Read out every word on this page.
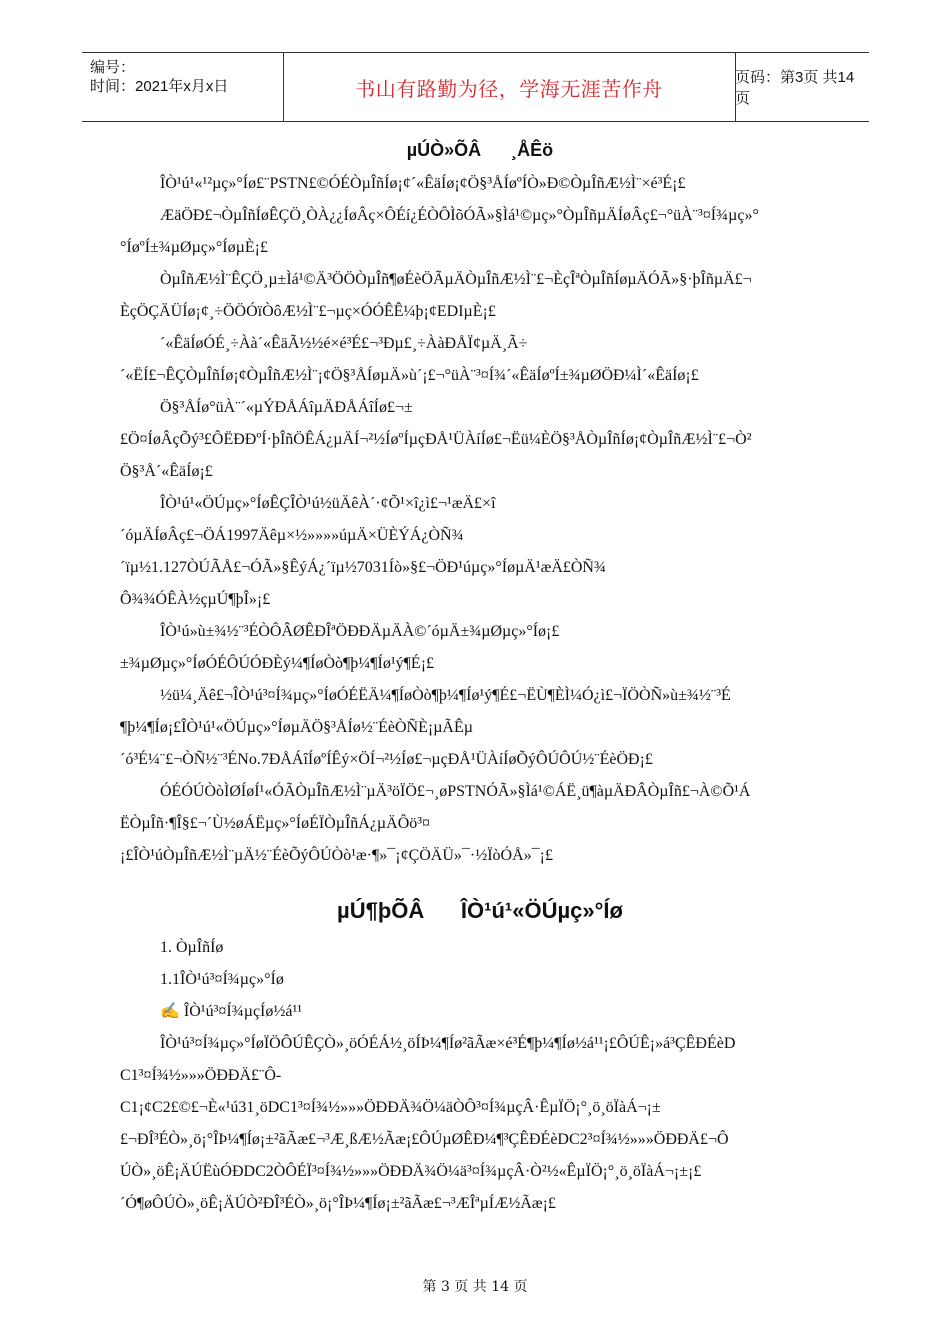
编号：
时间：2021年x月x日	书山有路勤为径，学海无涯苦作舟	页码：第3页 共14页
µÚÒ»ÕÂ      ¸ÅÊö
ÎÒ¹ú¹«¹²µç»°Íø£¨PSTN£©ÓÉÒµÎñÍø¡¢´«ÊäÍø¡¢Ö§³ÅÍøºÍÒ»Ð©ÒµÎñÆ½Ì¨×é³É¡£
ÆäÖÐ£¬ÒµÎñÍøÊÇÖ¸ÒÀ¿¿ÍøÂç×ÔÉí¿ÉÒÔÌõÓÃ»§Ìá¹©µç»°ÒµÎñµÄÍøÂç£¬°üÀ¨³¤Í¾µç»°
°ÍøºÍ±¾µØµç»°ÍøµÈ¡£
ÒµÎñÆ½Ì¨ÊÇÖ¸µ±Ìá¹©Ä³ÖÖÒµÎñ¶øÉèÖÃµÄÒµÎñÆ½Ì¨£¬ÈçÎªÒµÎñÍøµÄÓÃ»§·þÎñµÄ£¬
ÈçÖÇÄÜÍø¡¢¸÷ÖÖÓïÒôÆ½Ì¨£¬µç×ÓÓÊÊ¼þ¡¢EDIµÈ¡£
´«ÊäÍøÓÉ¸÷Àà´«ÊäÃ½½é×é³É£¬³Ðµ£¸÷ÀàÐÅÏ¢µÄ¸Ã÷
´«ËÍ£¬ÊÇÒµÎñÍø¡¢ÒµÎñÆ½Ì¨¡¢Ö§³ÅÍøµÄ»ù´¡£¬°üÀ¨³¤Í¾´«ÊäÍøºÍ±¾µØÖÐ¼Ì´«ÊäÍø¡£
Ö§³ÅÍø°üÀ¨´«µÝÐÅÁîµÄÐÅÁîÍø£¬±
£Ö¤ÍøÂçÕý³£ÔËÐÐºÍ·þÎñÖÊÁ¿µÄÍ¬²½ÍøºÍµçÐÅ¹ÜÀíÍø£¬Ëü¼ÈÖ§³ÅÒµÎñÍø¡¢ÒµÎñÆ½Ì¨£¬Ò²
Ö§³Å´«ÊäÍø¡£
ÎÒ¹ú¹«ÖÚµç»°ÍøÊÇÎÒ¹ú½üÄêÀ´·¢Õ¹×î¿ì£¬¹æÄ£×î
´óµÄÍøÂç£¬ÖÁ1997Äêµ×½»»»»úµÄ×ÜÈÝÁ¿ÒÑ¾
´ïµ½1.127ÒÚÃÅ£¬ÓÃ»§ÊýÁ¿´ïµ½7031Íò»§£¬ÖÐ¹úµç»°ÍøµÄ¹æÄ£ÒÑ¾
Ô¾¾ÓÊÀ½çµÚ¶þÎ»¡£
ÎÒ¹ú»ù±¾½¨³ÉÒÔÂØÊÐÎªÖÐÐÄµÄÀ©´óµÄ±¾µØµç»°Íø¡£
±¾µØµç»°ÍøÓÉÔÚÓÐÈý¼¶ÍøÒò¶þ¼¶Íø¹ý¶É¡£
½ü¼¸Äê£¬ÎÒ¹ú³¤Í¾µç»°ÍøÓÉËÄ¼¶ÍøÒò¶þ¼¶Íø¹ý¶É£¬ËÙ¶ÈÌ¼Ó¿ì£¬ÏÖÒÑ»ù±¾½¨³É
¶þ¼¶Íø¡£ÎÒ¹ú¹«ÖÚµç»°ÍøµÄÖ§³ÅÍø½¨ÉèÒÑÈ¡µÃÊµ
´ó³É¼¨£¬ÒÑ½¨³ÉNo.7ÐÅÁîÍøºÍÊý×ÖÍ¬²½Íø£¬µçÐÅ¹ÜÀíÍøÕýÔÚÔÚ½¨ÉèÖÐ¡£
ÓÉÓÚÒòÌØÍøÍ¹«ÓÃÒµÎñÆ½Ì¨µÄ³öÏÖ£¬¸øPSTNÓÃ»§Ìá¹©ÁË¸ü¶àµÄÐÂÒµÎñ£¬À©Õ¹Á
ËÒµÎñ·¶Î§£¬´Ù½øÁËµç»°ÍøÉÏÒµÎñÁ¿µÄÔö³¤
¡£ÎÒ¹úÒµÎñÆ½Ì¨µÄ½¨ÉèÕýÔÚÒò¹æ·¶»¯¡¢ÇÖÄÜ»¯·½ÏòÓÅ»¯¡£
µÚ¶þÕÂ      ÎÒ¹ú¹«ÖÚµç»°Íø
1. ÒµÎñÍø
1.1ÎÒ¹ú³¤Í¾µç»°Íø
✍ ÎÒ¹ú³¤Í¾µçÍø½á¹¹
ÎÒ¹ú³¤Í¾µç»°ÍøÏÖÔÚÊÇÒ»¸öÓÉÁ½¸öÍÞ¼¶Íø²ãÃæ×é³É¶þ¼¶Íø½á¹¹¡£ÔÚÊ¡»á³ÇÊÐÉèD
C1³¤Í¾½»»»ÖÐÐÄ£¨Ô-
C1¡¢C2£©£¬È«¹ú31¸öDC1³¤Í¾½»»»ÖÐÐÄ¾Ö¼äÒÔ³¤Í¾µçÂ·ÊµÏÖ¡°¸ö¸öÏàÁ¬¡±
£¬ÐÎ³ÉÒ»¸ö¡°ÎÞ¼¶Íø¡±²ãÃæ£¬³Æ¸ßÆ½Ãæ¡£ÔÚµØÊÐ¼¶³ÇÊÐÉèDC2³¤Í¾½»»»ÖÐÐÄ£¬Ô
ÚÒ»¸öÊ¡ÄÚËùÓÐDC2ÒÔÉÏ³¤Í¾½»»»ÖÐÐÄ¾Ö¼ä³¤Í¾µçÂ·Ò²½«ÊµÏÖ¡°¸ö¸öÏàÁ¬¡±¡£
´Ó¶øÔÚÒ»¸öÊ¡ÄÚÒ²ÐÎ³ÉÒ»¸ö¡°ÎÞ¼¶Íø¡±²ãÃæ£¬³ÆÎªµÍÆ½Ãæ¡£
第 3 页 共 14 页
